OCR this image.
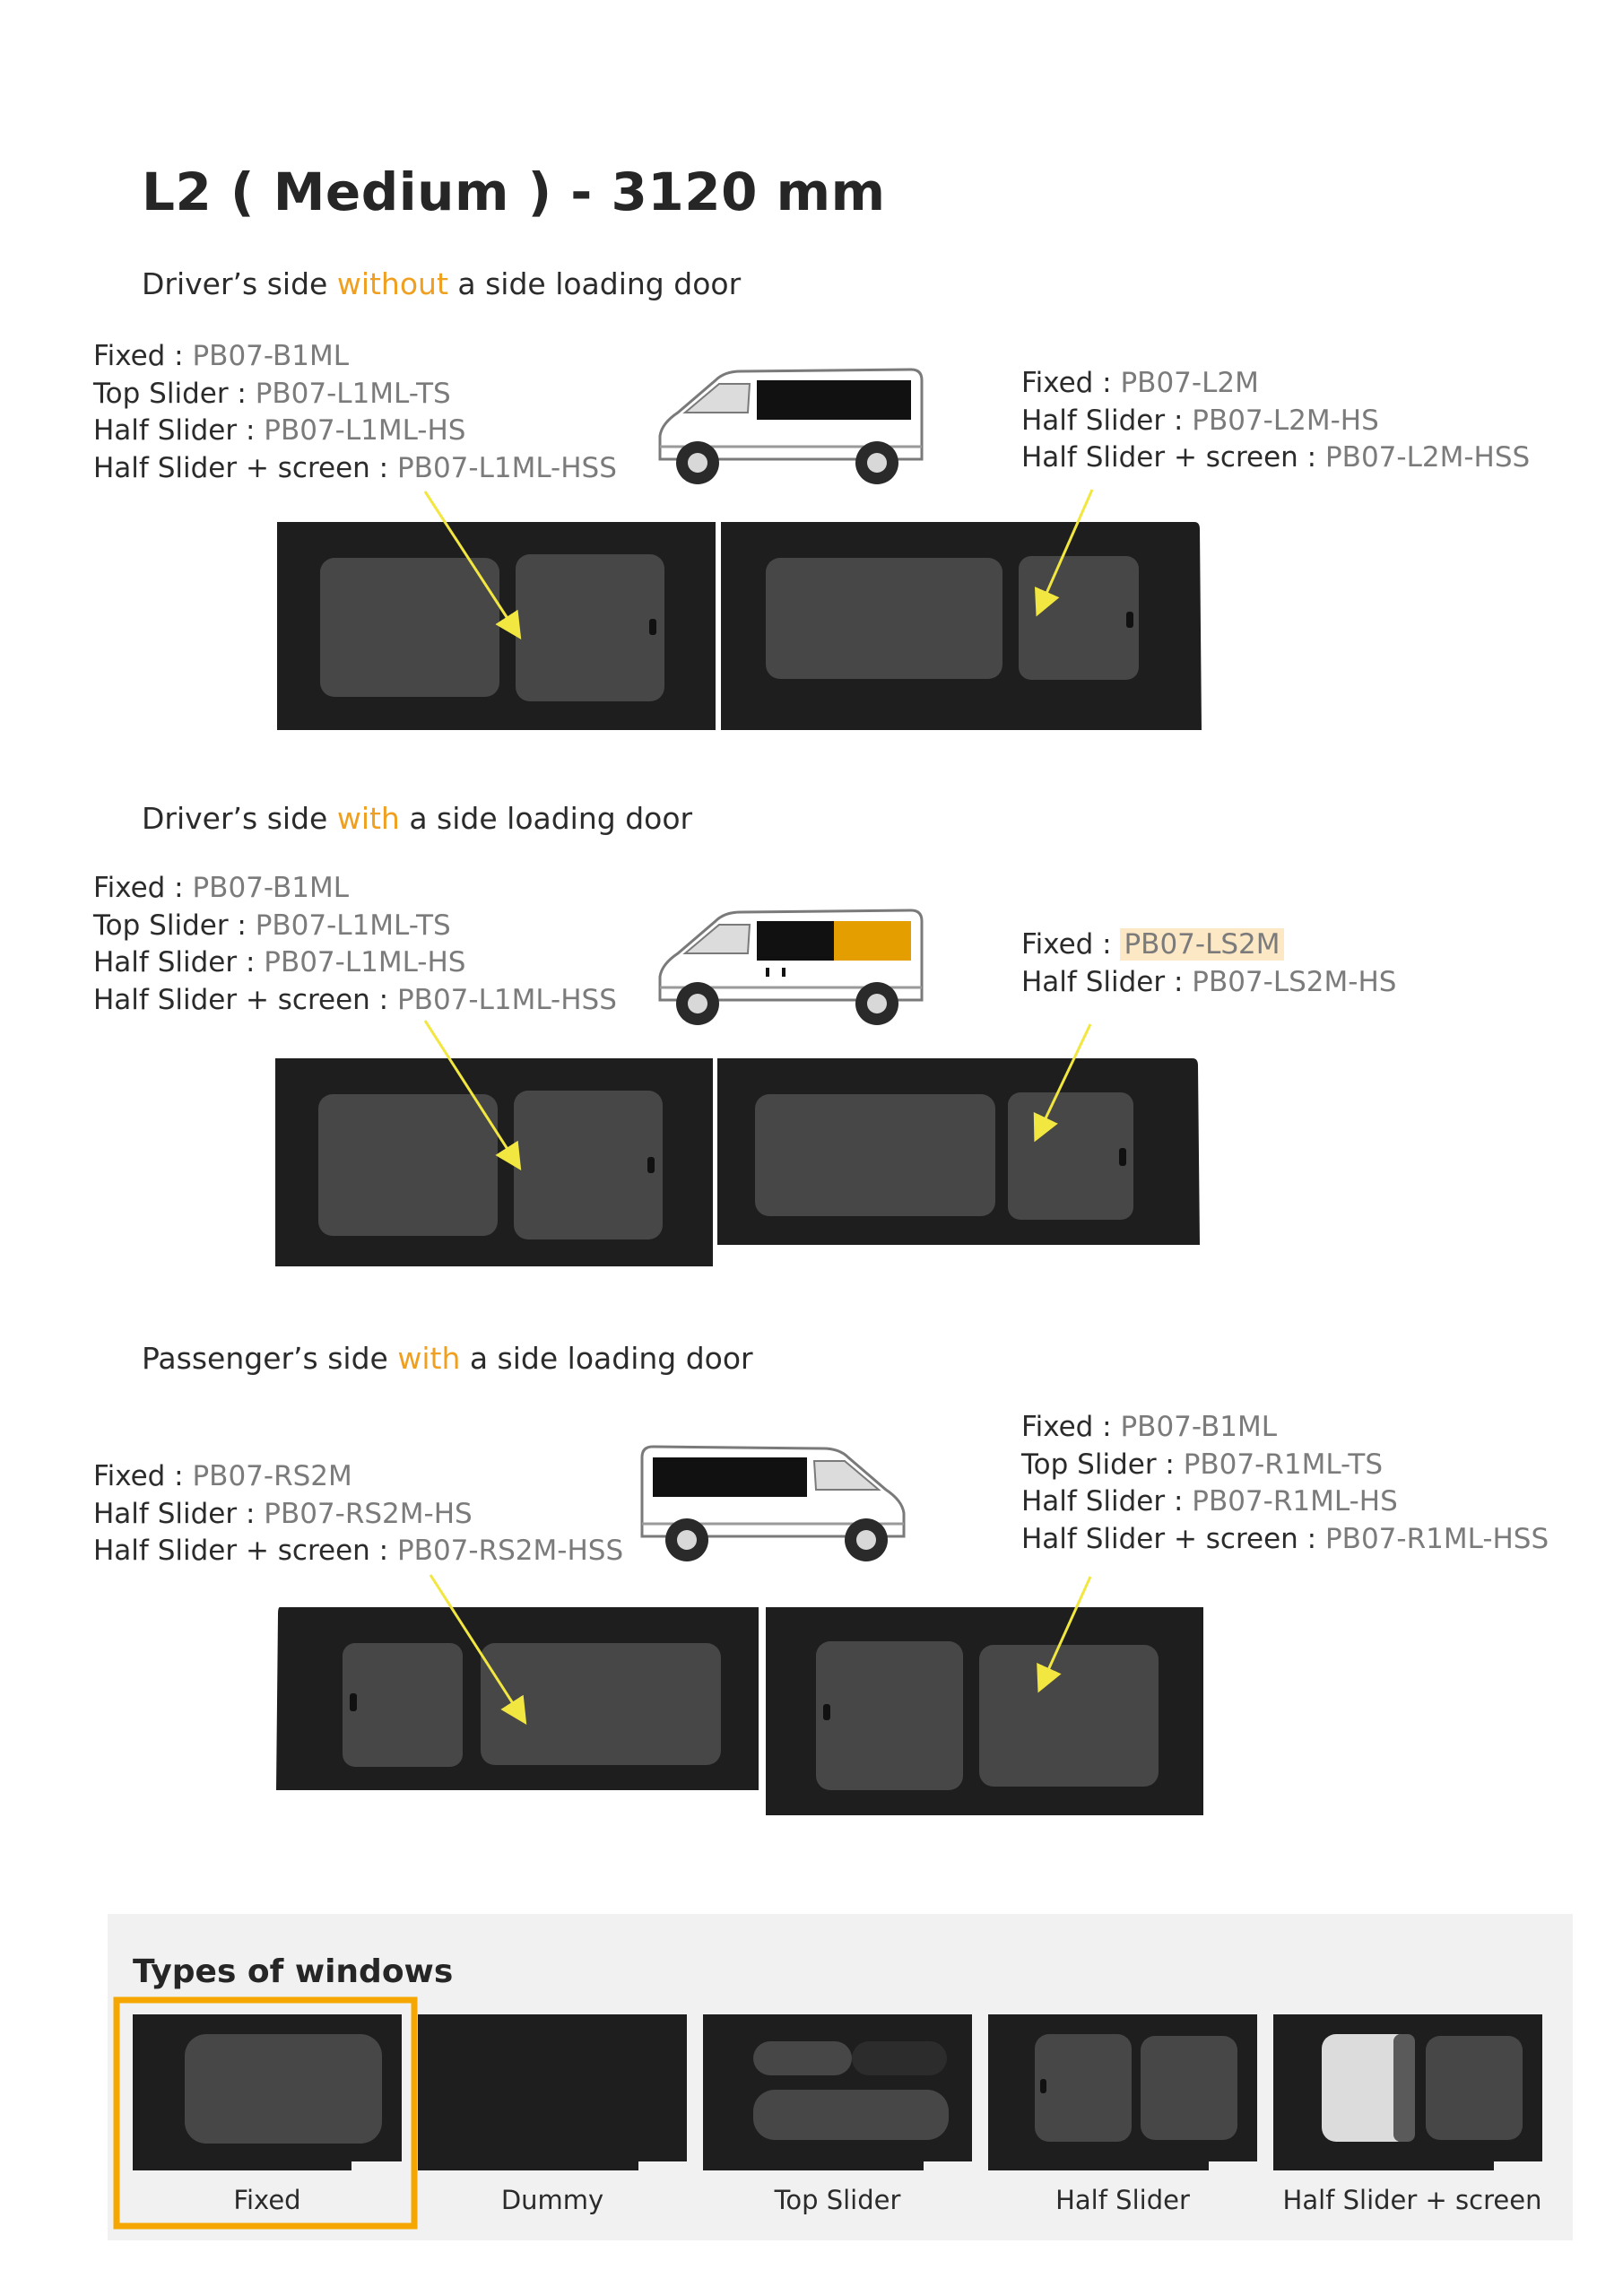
L2 ( Medium ) - 3120 mm
Driver’s side without a side loading door
Driver’s side with a side loading door
Passenger’s side with a side loading door
Fixed : PB07-B1ML
Top Slider : PB07-L1ML-TS
Half Slider : PB07-L1ML-HS
Half Slider + screen : PB07-L1ML-HSS
Fixed : PB07-L2M
Half Slider : PB07-L2M-HS
Half Slider + screen : PB07-L2M-HSS
Fixed : PB07-B1ML
Top Slider : PB07-L1ML-TS
Half Slider : PB07-L1ML-HS
Half Slider + screen : PB07-L1ML-HSS
Fixed : PB07-LS2M
Half Slider : PB07-LS2M-HS
Fixed : PB07-RS2M
Half Slider : PB07-RS2M-HS
Half Slider + screen : PB07-RS2M-HSS
Fixed : PB07-B1ML
Top Slider : PB07-R1ML-TS
Half Slider : PB07-R1ML-HS
Half Slider + screen : PB07-R1ML-HSS
Types of windows
Fixed	Dummy	Top Slider	Half Slider	Half Slider + screen
